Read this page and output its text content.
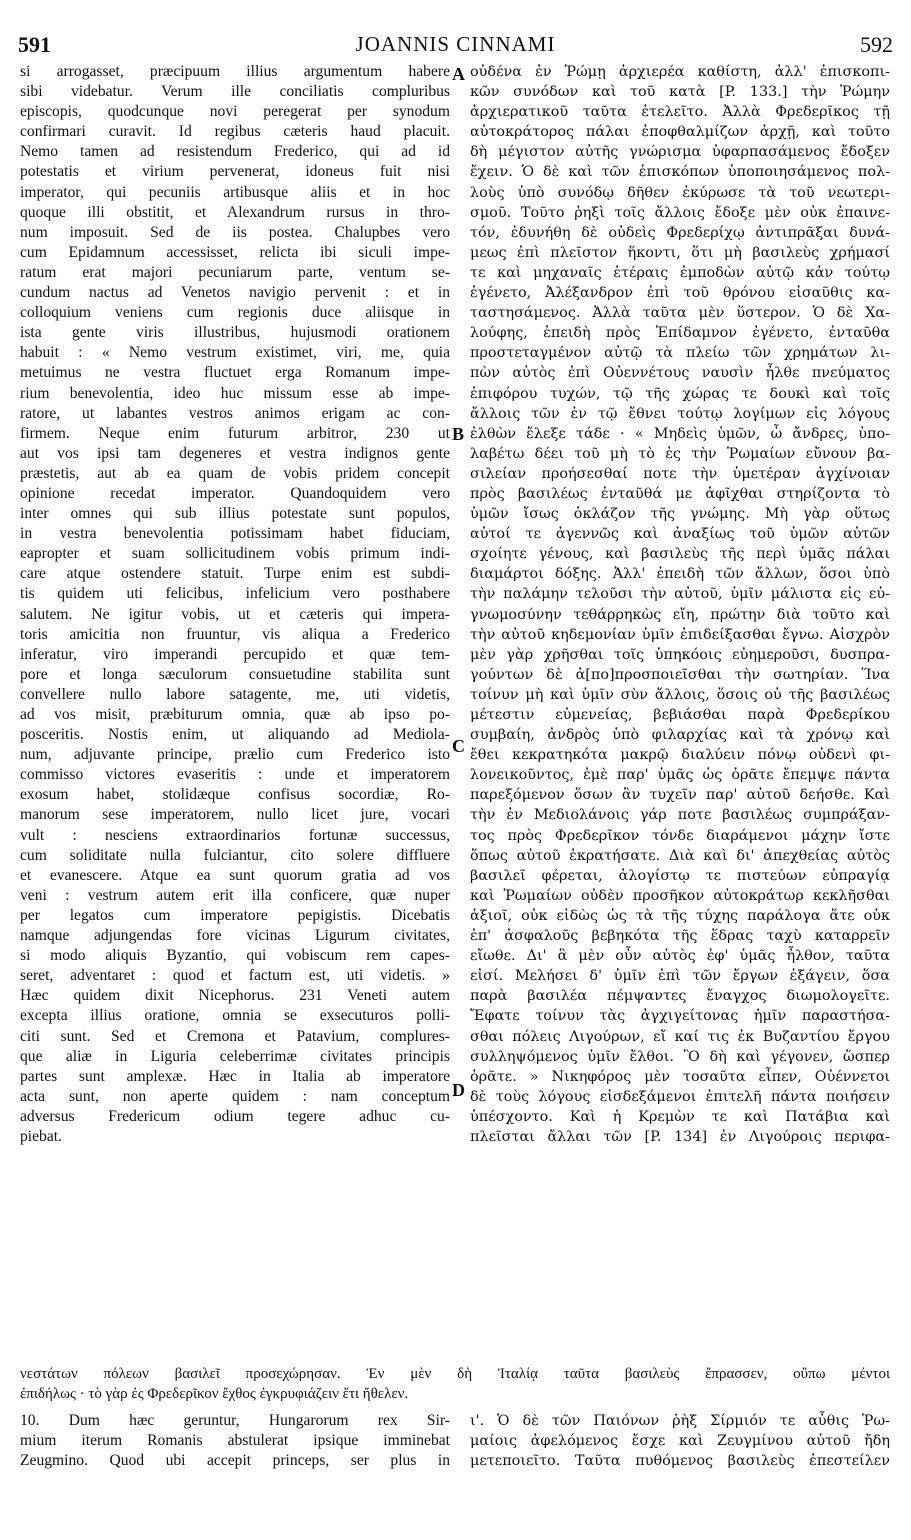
591	JOANNIS CINNAMI	592
si arrogasset, præcipuum illius argumentum habere
sibi videbatur. Verum ille conciliatis compluribus
episcopis, quodcunque novi peregerat per synodum
confirmari curavit. Id regibus cæteris haud placuit.
Nemo tamen ad resistendum Frederico, qui ad id
potestatis et virium pervenerat, idoneus fuit nisi
imperator, qui pecuniis artibusque aliis et in hoc
quoque illi obstitit, et Alexandrum rursus in thro-
num imposuit. Sed de iis postea. Chalupbes vero
cum Epidamnum accessisset, relicta ibi siculi impe-
ratum erat majori pecuniarum parte, ventum se-
cundum nactus ad Venetos navigio pervenit : et in
colloquium veniens cum regionis duce aliisque in
ista gente viris illustribus, hujusmodi orationem
habuit : « Nemo vestrum existimet, viri, me, quia
metuimus ne vestra fluctuet erga Romanum impe-
rium benevolentia, ideo huc missum esse ab impe-
ratore, ut labantes vestros animos erigam ac con-
firmem. Neque enim futurum arbitror, 230 ut
aut vos ipsi tam degeneres et vestra indignos gente
præstetis, aut ab ea quam de vobis pridem concepit
opinione recedat imperator. Quandoquidem vero
inter omnes qui sub illius potestate sunt populos,
in vestra benevolentia potissimam habet fiduciam,
eapropter et suam sollicitudinem vobis primum indi-
care atque ostendere statuit. Turpe enim est subdi-
tis quidem uti felicibus, infelicium vero posthabere
salutem. Ne igitur vobis, ut et cæteris qui impera-
toris amicitia non fruuntur, vis aliqua a Frederico
inferatur, viro imperandi percupido et quæ tem-
pore et longa sæculorum consuetudine stabilita sunt
convellere nullo labore satagente, me, uti videtis,
ad vos misit, præbiturum omnia, quæ ab ipso po-
posceritis. Nostis enim, ut aliquando ad Mediola-
num, adjuvante principe, prælio cum Frederico isto
commisso victores evaseritis : unde et imperatorem
exosum habet, stolidæque confisus socordiæ, Ro-
manorum sese imperatorem, nullo licet jure, vocari
vult : nesciens extraordinarios fortunæ successus,
cum soliditate nulla fulciantur, cito solere diffluere
et evanescere. Atque ea sunt quorum gratia ad vos
veni : vestrum autem erit illa conficere, quæ nuper
per legatos cum imperatore pepigistis. Dicebatis
namque adjungendas fore vicinas Ligurum civitates,
si modo aliquis Byzantio, qui vobiscum rem capes-
seret, adventaret : quod et factum est, uti videtis. »
Hæc quidem dixit Nicephorus. 231 Veneti autem
excepta illius oratione, omnia se exsecuturos polli-
citi sunt. Sed et Cremona et Patavium, complures-
que aliæ in Liguria celeberrimæ civitates principis
partes sunt amplexæ. Hæc in Italia ab imperatore
acta sunt, non aperte quidem : nam conceptum
adversus Fredericum odium tegere adhuc cu-
piebat.
οὐδένα ἐν Ῥώμῃ ἀρχιερέα καθίστη, ἀλλ' ἐπισκοπι-
κῶν συνόδων καὶ τοῦ κατὰ [P. 133.] τὴν Ῥώμην
ἀρχιερατικοῦ ταῦτα ἐτελεῖτο. Ἀλλὰ Φρεδερῖκος τῇ
αὐτοκράτορος πάλαι ἐποφθαλμίζων ἀρχῇ, καὶ τοῦτο
δὴ μέγιστον αὐτῆς γνώρισμα ὑφαρπασάμενος ἔδοξεν
ἔχειν. Ὁ δὲ καὶ τῶν ἐπισκόπων ὑποποιησάμενος πολ-
λοὺς ὑπὸ συνόδῳ δῆθεν ἐκύρωσε τὰ τοῦ νεωτερι-
σμοῦ. Τοῦτο ῥηξὶ τοῖς ἄλλοις ἔδοξε μὲν οὐκ ἐπαινε-
τόν, ἐδυνήθη δὲ οὐδεὶς Φρεδερίχῳ ἀντιπρᾶξαι δυνά-
μεως ἐπὶ πλεῖστον ἥκοντι, ὅτι μὴ βασιλεὺς χρήμασί
τε καὶ μηχαναῖς ἑτέραις ἐμποδὼν αὐτῷ κἀν τούτῳ
ἐγένετο, Ἀλέξανδρον ἐπὶ τοῦ θρόνου εἰσαῦθις κα-
ταστησάμενος. Ἀλλὰ ταῦτα μὲν ὕστερον. Ὁ δὲ Χα-
λούφης, ἐπειδὴ πρὸς Ἐπίδαμνον ἐγένετο, ἐνταῦθα
προστεταγμένον αὐτῷ τὰ πλείω τῶν χρημάτων λι-
πὼν αὐτὸς ἐπὶ Οὐεννέτους ναυσὶν ἦλθε πνεύματος
ἐπιφόρου τυχών, τῷ τῆς χώρας τε δουκὶ καὶ τοῖς
ἄλλοις τῶν ἐν τῷ ἔθνει τούτῳ λογίμων εἰς λόγους
ἐλθὼν ἔλεξε τάδε · « Μηδεὶς ὑμῶν, ὦ ἄνδρες, ὑπο-
λαβέτω δέει τοῦ μὴ τὸ ἐς τὴν Ῥωμαίων εὔνουν βα-
σιλείαν προήσεσθαί ποτε τὴν ὑμετέραν ἀγχίνοιαν
πρὸς βασιλέως ἐνταῦθά με ἀφῖχθαι στηρίζοντα τὸ
ὑμῶν ἴσως ὀκλάζον τῆς γνώμης. Μὴ γὰρ οὕτως
αὐτοί τε ἀγεννῶς καὶ ἀναξίως τοῦ ὑμῶν αὐτῶν
σχοίητε γένους, καὶ βασιλεὺς τῆς περὶ ὑμᾶς πάλαι
διαμάρτοι δόξης. Ἀλλ' ἐπειδὴ τῶν ἄλλων, ὅσοι ὑπὸ
τὴν παλάμην τελοῦσι τὴν αὐτοῦ, ὑμῖν μάλιστα εἰς εὐ-
γνωμοσύνην τεθάρρηκὼς εἴη, πρώτην διὰ τοῦτο καὶ
τὴν αὐτοῦ κηδεμονίαν ὑμῖν ἐπιδείξασθαι ἔγνω. Αἰσχρὸν
μὲν γὰρ χρῆσθαι τοῖς ὑπηκόοις εὐημεροῦσι, δυσπρα-
γούντων δὲ ἀ[πο]προσποιεῖσθαι τὴν σωτηρίαν. Ἵνα
τοίνυν μὴ καὶ ὑμῖν σὺν ἄλλοις, ὅσοις οὐ τῆς βασιλέως
μέτεστιν εὐμενείας, βεβιάσθαι παρὰ Φρεδερίκου
συμβαίη, ἀνδρὸς ὑπὸ φιλαρχίας καὶ τὰ χρόνῳ καὶ
ἔθει κεκρατηκότα μακρῷ διαλύειν πόνῳ οὐδενὶ φι-
λονεικοῦντος, ἐμὲ παρ' ὑμᾶς ὡς ὁρᾶτε ἔπεμψε πάντα
παρεξόμενον ὅσων ἂν τυχεῖν παρ' αὐτοῦ δεήσθε. Καὶ
τὴν ἐν Μεδιολάνοις γάρ ποτε βασιλέως συμπράξαν-
τος πρὸς Φρεδερῖκον τόνδε διαράμενοι μάχην ἴστε
ὅπως αὐτοῦ ἐκρατήσατε. Διὰ καὶ δι' ἀπεχθείας αὐτὸς
βασιλεῖ φέρεται, ἀλογίστῳ τε πιστεύων εὐπραγίᾳ
καὶ Ῥωμαίων οὐδὲν προσῆκον αὐτοκράτωρ κεκλῆσθαι
ἀξιοῖ, οὐκ εἰδὼς ὡς τὰ τῆς τύχης παράλογα ἅτε οὐκ
ἐπ' ἀσφαλοῦς βεβηκότα τῆς ἕδρας ταχὺ καταρρεῖν
εἴωθε. Δι' ἃ μὲν οὖν αὐτὸς ἐφ' ὑμᾶς ἦλθον, ταῦτα
εἰσί. Μελήσει δ' ὑμῖν ἐπὶ τῶν ἔργων ἐξάγειν, ὅσα
παρὰ βασιλέα πέμψαντες ἔναγχος διωμολογεῖτε.
Ἔφατε τοίνυν τὰς ἀγχιγείτονας ἡμῖν παραστήσα-
σθαι πόλεις Λιγούρων, εἴ καί τις ἐκ Βυζαντίου ἔργου
συλληψόμενος ὑμῖν ἔλθοι. Ὃ δὴ καὶ γέγονεν, ὥσπερ
ὁρᾶτε. » Νικηφόρος μὲν τοσαῦτα εἶπεν, Οὐέννετοι
δὲ τοὺς λόγους εἰσδεξάμενοι ἐπιτελῆ πάντα ποιήσειν
ὑπέσχοντο. Καὶ ἡ Κρεμὼν τε καὶ Πατάβια καὶ
πλεῖσται ἄλλαι τῶν [P. 134] ἐν Λιγούροις περιφα-
A
B
C
D
νεστάτων πόλεων βασιλεῖ προσεχώρησαν. Ἐν μὲν δὴ Ἰταλίᾳ ταῦτα βασιλεὺς ἔπρασσεν, οὔπω μέντοι
ἐπιδήλως · τὸ γὰρ ἐς Φρεδερῖκον ἔχθος ἐγκρυφιάζειν ἔτι ἤθελεν.
10. Dum hæc geruntur, Hungarorum rex Sir-
mium iterum Romanis abstulerat ipsique imminebat
Zeugmino. Quod ubi accepit princeps, ser plus in
ι'. Ὁ δὲ τῶν Παιόνων ῥὴξ Σίρμιόν τε αὖθις Ῥω-
μαίοις ἀφελόμενος ἔσχε καὶ Ζευγμίνου αὐτοῦ ἤδη
μετεποιεῖτο. Ταῦτα πυθόμενος βασιλεὺς ἐπεστείλεν
